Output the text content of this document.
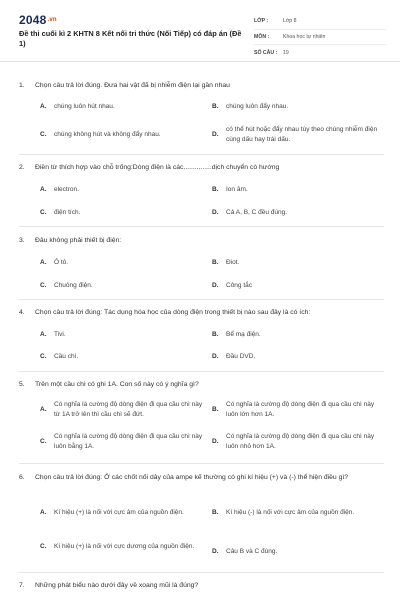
$2048^{.vn}$
Đề thi cuối kì 2 KHTN 8 Kết nối tri thức (Nối Tiếp) có đáp án (Đề 1)
LỚP :	Lớp 8
MÔN :	Khoa học tự nhiên
SỐ CÂU :	19
1.	Chọn câu trả lời đúng. Đưa hai vật đã bị nhiễm điện lại gần nhau
A.	chúng luôn hút nhau.	B.	chúng luôn đẩy nhau.
C.	chúng không hút và không đẩy nhau.	D.
có thể hút hoặc đẩy nhau tùy theo chúng nhiễm điện cùng dấu hay trái dấu.
2.	Điền từ thích hợp vào chỗ trống:Dòng điện là các...............dịch chuyển có hướng
A.	electron.	B.	Ion âm.
C.	điện tích.	D.	Cả A, B, C đều đúng.
3.	Đâu không phải thiết bị điện:
A.	Ô tô.	B.	Điot.
C.	Chuông điện.	D.	Công tắc
4.	Chọn câu trả lời đúng: Tác dụng hóa học của dòng điện trong thiết bị nào sau đây là có ích:
A.	Tivi.	B.	Bể mạ điện.
C.	Cầu chì.	D.	Đầu DVD.
5.	Trên một cầu chì có ghi 1A. Con số này có ý nghĩa gì?
A.
Có nghĩa là cường độ dòng điện đi qua cầu chì này từ 1A trở lên thì cầu chì sẽ đứt.
B.
Có nghĩa là cường độ dòng điện đi qua cầu chì này luôn lớn hơn 1A.
C.
Có nghĩa là cường độ dòng điện đi qua cầu chì này luôn bằng 1A.
D.
Có nghĩa là cường độ dòng điện đi qua cầu chì này luôn nhỏ hơn 1A.
6.	Chọn câu trả lời đúng: Ở các chốt nối dây của ampe kế thường có ghi kí hiệu (+) và (-) thể hiện điều gì?
A.	Kí hiệu (+) là nối với cực âm của nguồn điện.	B.	Kí hiệu (-) là nối với cực âm của nguồn điện.
C.	Kí hiệu (+) là nối với cực dương của nguồn điện.
D.	Câu B và C đúng.
7.	Những phát biểu nào dưới đây về xoang mũi là đúng?
